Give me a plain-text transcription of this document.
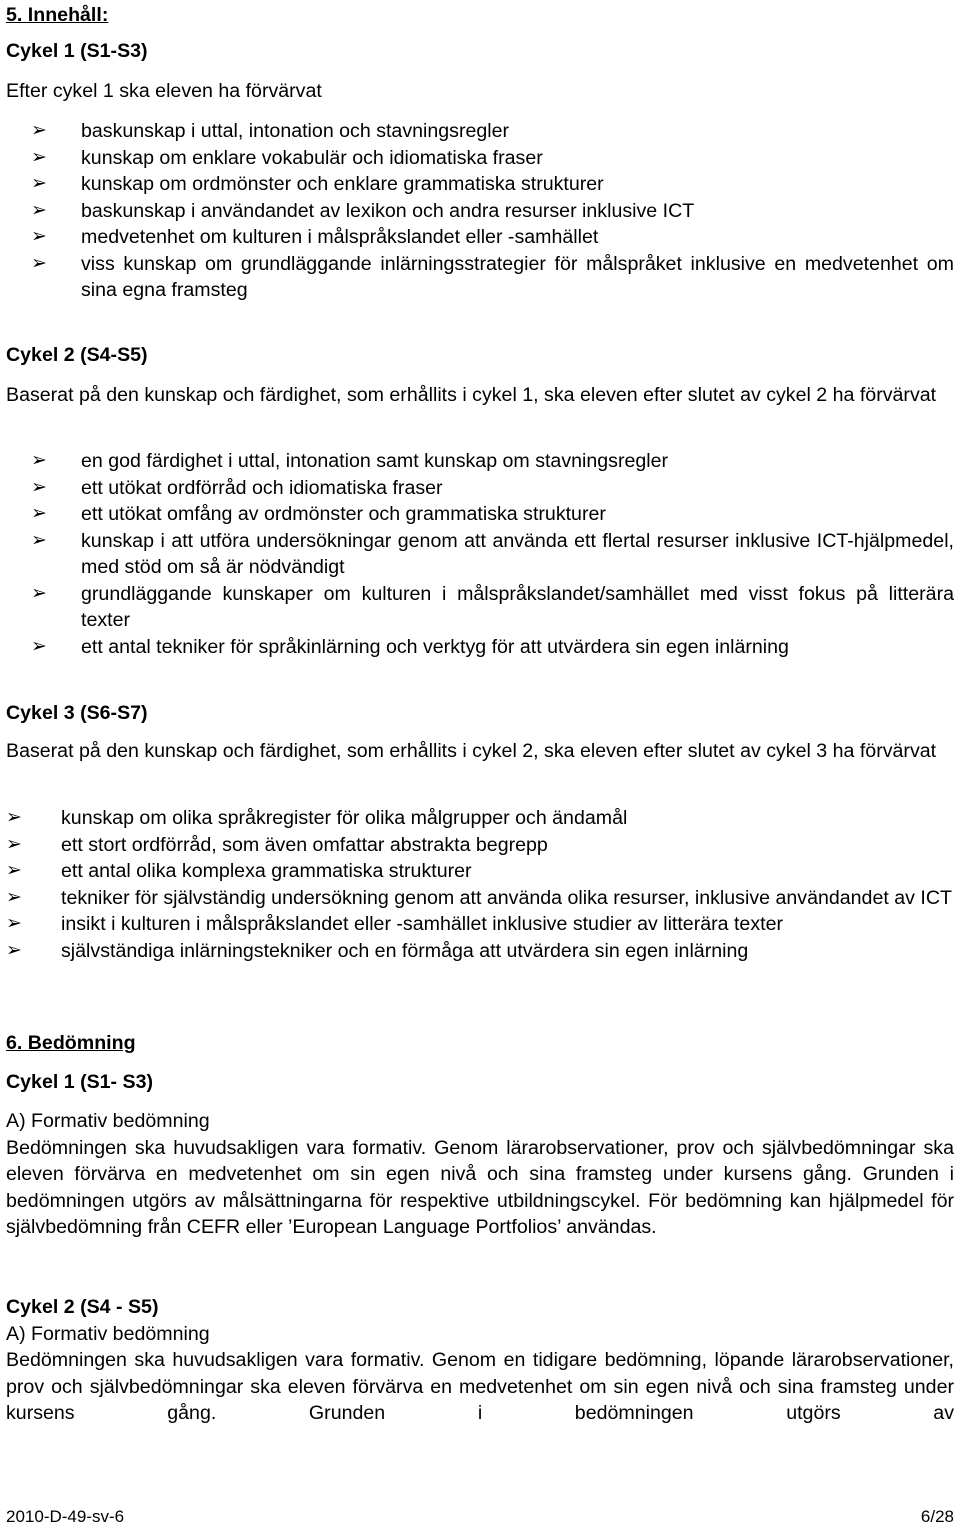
5. Innehåll:

Cykel 1 (S1-S3)

Efter cykel 1 ska eleven ha förvärvat

➢ baskunskap i uttal, intonation och stavningsregler
➢ kunskap om enklare vokabulär och idiomatiska fraser
➢ kunskap om ordmönster och enklare grammatiska strukturer
➢ baskunskap i användandet av lexikon och andra resurser inklusive ICT
➢ medvetenhet om kulturen i målspråkslandet eller -samhället
➢ viss kunskap om grundläggande inlärningsstrategier för målspråket inklusive en medvetenhet om sina egna framsteg

Cykel 2 (S4-S5)

Baserat på den kunskap och färdighet, som erhållits i cykel 1, ska eleven efter slutet av cykel 2 ha förvärvat

➢ en god färdighet i uttal, intonation samt kunskap om stavningsregler
➢ ett utökat ordförråd och idiomatiska fraser
➢ ett utökat omfång av ordmönster och grammatiska strukturer
➢ kunskap i att utföra undersökningar genom att använda ett flertal resurser inklusive ICT-hjälpmedel, med stöd om så är nödvändigt
➢ grundläggande kunskaper om kulturen i målspråkslandet/samhället med visst fokus på litterära texter
➢ ett antal tekniker för språkinlärning och verktyg för att utvärdera sin egen inlärning

Cykel 3 (S6-S7)

Baserat på den kunskap och färdighet, som erhållits i cykel 2, ska eleven efter slutet av cykel 3 ha förvärvat

➢ kunskap om olika språkregister för olika målgrupper och ändamål
➢ ett stort ordförråd, som även omfattar abstrakta begrepp
➢ ett antal olika komplexa grammatiska strukturer
➢ tekniker för självständig undersökning genom att använda olika resurser, inklusive användandet av ICT
➢ insikt i kulturen i målspråkslandet eller -samhället inklusive studier av litterära texter
➢ självständiga inlärningstekniker och en förmåga att utvärdera sin egen inlärning

6. Bedömning

Cykel 1 (S1- S3)

A) Formativ bedömning

Bedömningen ska huvudsakligen vara formativ. Genom lärarobservationer, prov och självbedömningar ska eleven förvärva en medvetenhet om sin egen nivå och sina framsteg under kursens gång. Grunden i bedömningen utgörs av målsättningarna för respektive utbildningscykel. För bedömning kan hjälpmedel för självbedömning från CEFR eller ’European Language Portfolios’ användas.

Cykel 2 (S4 - S5)

A) Formativ bedömning

Bedömningen ska huvudsakligen vara formativ. Genom en tidigare bedömning, löpande lärarobservationer, prov och självbedömningar ska eleven förvärva en medvetenhet om sin egen nivå och sina framsteg under kursens gång. Grunden i bedömningen utgörs av

2010-D-49-sv-6	6/28
